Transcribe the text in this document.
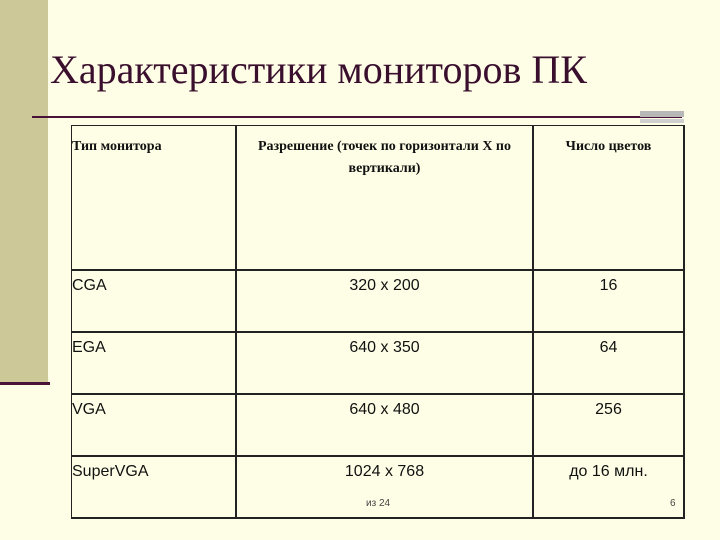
Характеристики мониторов ПК
Тип монитора	Разрешение (точек по горизонтали Х по вертикали)	Число цветов
CGA	320 х 200	16
EGA	640 х 350	64
VGA	640 х 480	256
SuperVGA	1024 х 768	до 16 млн.
из 24	6
